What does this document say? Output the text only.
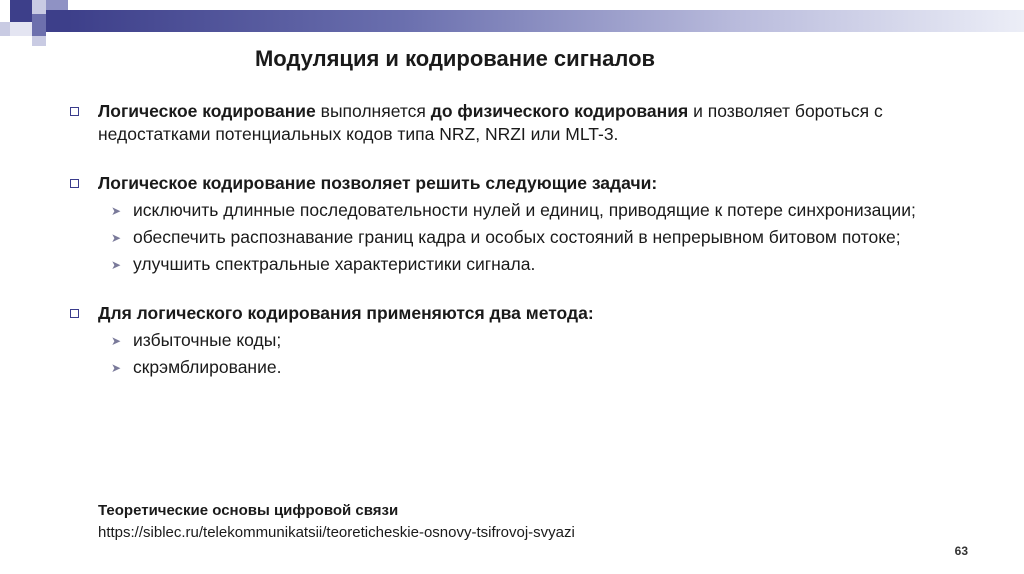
Модуляция и кодирование сигналов
Логическое кодирование выполняется до физического кодирования и позволяет бороться с недостатками потенциальных кодов типа NRZ, NRZI или MLT-3.
Логическое кодирование позволяет решить следующие задачи:
➤ исключить длинные последовательности нулей и единиц, приводящие к потере синхронизации;
➤ обеспечить распознавание границ кадра и особых состояний в непрерывном битовом потоке;
➤ улучшить спектральные характеристики сигнала.
Для логического кодирования применяются два метода:
➤ избыточные коды;
➤ скрэмблирование.
Теоретические основы цифровой связи
https://siblec.ru/telekommunikatsii/teoreticheskie-osnovy-tsifrovoj-svyazi
63
